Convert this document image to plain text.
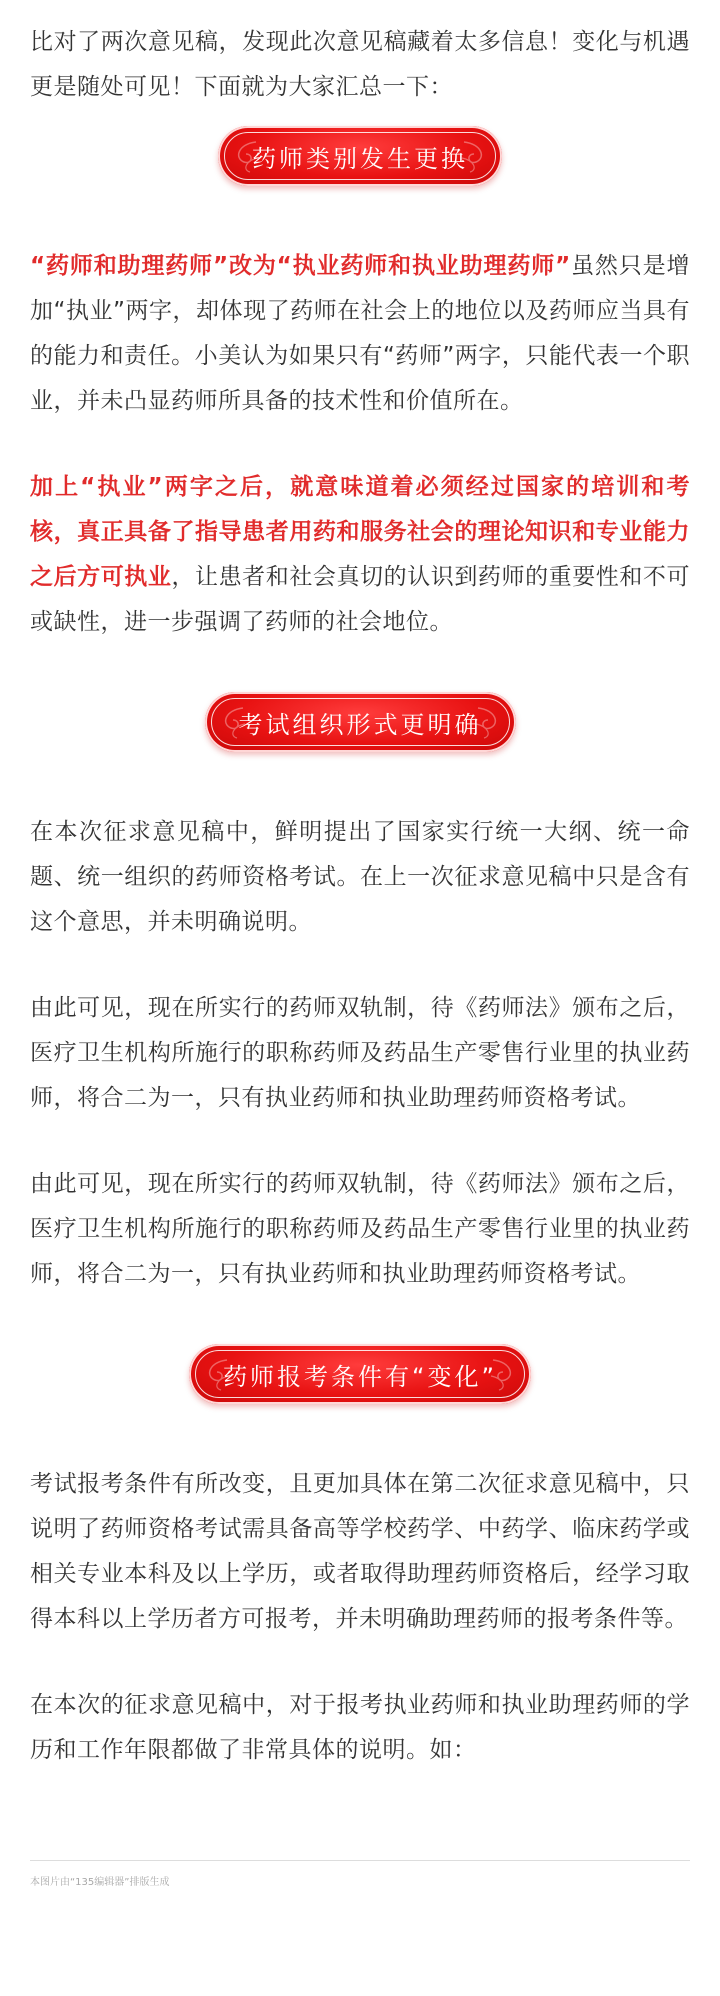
比对了两次意见稿，发现此次意见稿藏着太多信息！变化与机遇更是随处可见！下面就为大家汇总一下：

药师类别发生更换

“药师和助理药师”改为“执业药师和执业助理药师”虽然只是增加“执业”两字，却体现了药师在社会上的地位以及药师应当具有的能力和责任。小美认为如果只有“药师”两字，只能代表一个职业，并未凸显药师所具备的技术性和价值所在。

加上“执业”两字之后，就意味道着必须经过国家的培训和考核，真正具备了指导患者用药和服务社会的理论知识和专业能力之后方可执业，让患者和社会真切的认识到药师的重要性和不可或缺性，进一步强调了药师的社会地位。

考试组织形式更明确

在本次征求意见稿中，鲜明提出了国家实行统一大纲、统一命题、统一组织的药师资格考试。在上一次征求意见稿中只是含有这个意思，并未明确说明。

由此可见，现在所实行的药师双轨制，待《药师法》颁布之后，医疗卫生机构所施行的职称药师及药品生产零售行业里的执业药师，将合二为一，只有执业药师和执业助理药师资格考试。

由此可见，现在所实行的药师双轨制，待《药师法》颁布之后，医疗卫生机构所施行的职称药师及药品生产零售行业里的执业药师，将合二为一，只有执业药师和执业助理药师资格考试。

药师报考条件有“变化”

考试报考条件有所改变，且更加具体在第二次征求意见稿中，只说明了药师资格考试需具备高等学校药学、中药学、临床药学或相关专业本科及以上学历，或者取得助理药师资格后，经学习取得本科以上学历者方可报考，并未明确助理药师的报考条件等。

在本次的征求意见稿中，对于报考执业药师和执业助理药师的学历和工作年限都做了非常具体的说明。如：

本图片由“135编辑器”排版生成
